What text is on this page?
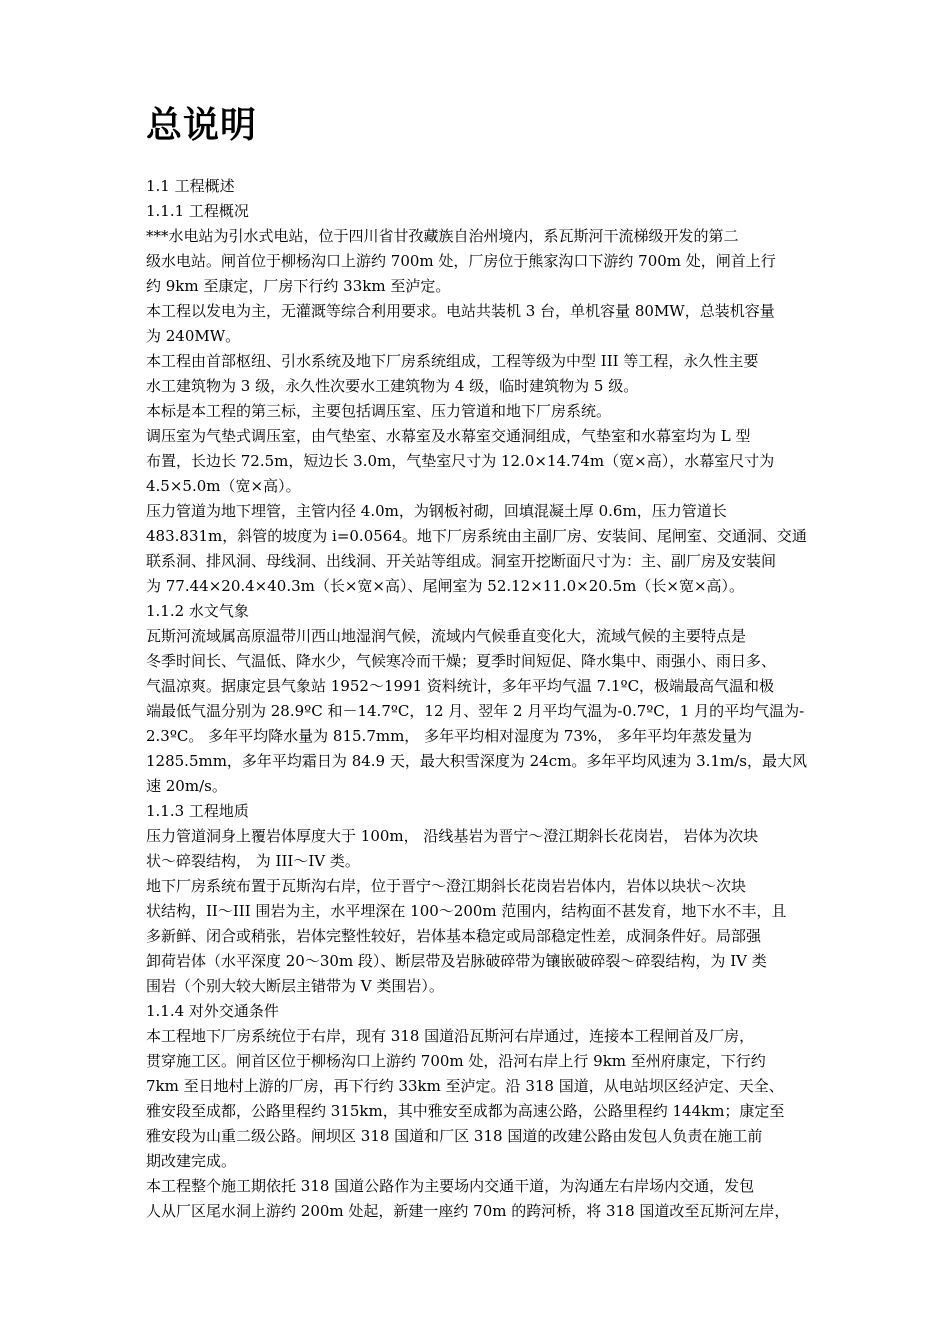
总说明
1.1 工程概述
1.1.1 工程概况
***水电站为引水式电站，位于四川省甘孜藏族自治州境内，系瓦斯河干流梯级开发的第二
级水电站。闸首位于柳杨沟口上游约 700m 处，厂房位于熊家沟口下游约 700m 处，闸首上行
约 9km 至康定，厂房下行约 33km 至泸定。
本工程以发电为主，无灌溉等综合利用要求。电站共装机 3 台，单机容量 80MW，总装机容量
为 240MW。
本工程由首部枢纽、引水系统及地下厂房系统组成，工程等级为中型 III 等工程，永久性主要
水工建筑物为 3 级，永久性次要水工建筑物为 4 级，临时建筑物为 5 级。
本标是本工程的第三标，主要包括调压室、压力管道和地下厂房系统。
调压室为气垫式调压室，由气垫室、水幕室及水幕室交通洞组成，气垫室和水幕室均为 L 型
布置，长边长 72.5m，短边长 3.0m，气垫室尺寸为 12.0×14.74m（宽×高），水幕室尺寸为
4.5×5.0m（宽×高）。
压力管道为地下埋管，主管内径 4.0m，为钢板衬砌，回填混凝土厚 0.6m，压力管道长
483.831m，斜管的坡度为 i=0.0564。地下厂房系统由主副厂房、安装间、尾闸室、交通洞、交通
联系洞、排风洞、母线洞、出线洞、开关站等组成。洞室开挖断面尺寸为：主、副厂房及安装间
为 77.44×20.4×40.3m（长×宽×高）、尾闸室为 52.12×11.0×20.5m（长×宽×高）。
1.1.2 水文气象
瓦斯河流域属高原温带川西山地湿润气候，流域内气候垂直变化大，流域气候的主要特点是
冬季时间长、气温低、降水少，气候寒冷而干燥；夏季时间短促、降水集中、雨强小、雨日多、
气温凉爽。据康定县气象站 1952～1991 资料统计，多年平均气温 7.1ºC，极端最高气温和极
端最低气温分别为 28.9ºC 和－14.7ºC，12 月、翌年 2 月平均气温为-0.7ºC，1 月的平均气温为-
2.3ºC。 多年平均降水量为 815.7mm， 多年平均相对湿度为 73%， 多年平均年蒸发量为
1285.5mm，多年平均霜日为 84.9 天，最大积雪深度为 24cm。多年平均风速为 3.1m/s，最大风
速 20m/s。
1.1.3 工程地质
压力管道洞身上覆岩体厚度大于 100m， 沿线基岩为晋宁～澄江期斜长花岗岩， 岩体为次块
状～碎裂结构， 为 III～IV 类。
地下厂房系统布置于瓦斯沟右岸，位于晋宁～澄江期斜长花岗岩岩体内，岩体以块状～次块
状结构，II～III 围岩为主，水平埋深在 100～200m 范围内，结构面不甚发育，地下水不丰，且
多新鲜、闭合或稍张，岩体完整性较好，岩体基本稳定或局部稳定性差，成洞条件好。局部强
卸荷岩体（水平深度 20～30m 段）、断层带及岩脉破碎带为镶嵌破碎裂～碎裂结构，为 IV 类
围岩（个别大较大断层主错带为 V 类围岩）。
1.1.4 对外交通条件
本工程地下厂房系统位于右岸，现有 318 国道沿瓦斯河右岸通过，连接本工程闸首及厂房，
贯穿施工区。闸首区位于柳杨沟口上游约 700m 处，沿河右岸上行 9km 至州府康定，下行约
7km 至日地村上游的厂房，再下行约 33km 至泸定。沿 318 国道，从电站坝区经泸定、天全、
雅安段至成都，公路里程约 315km，其中雅安至成都为高速公路，公路里程约 144km；康定至
雅安段为山重二级公路。闸坝区 318 国道和厂区 318 国道的改建公路由发包人负责在施工前
期改建完成。
本工程整个施工期依托 318 国道公路作为主要场内交通干道，为沟通左右岸场内交通，发包
人从厂区尾水洞上游约 200m 处起，新建一座约 70m 的跨河桥，将 318 国道改至瓦斯河左岸，
